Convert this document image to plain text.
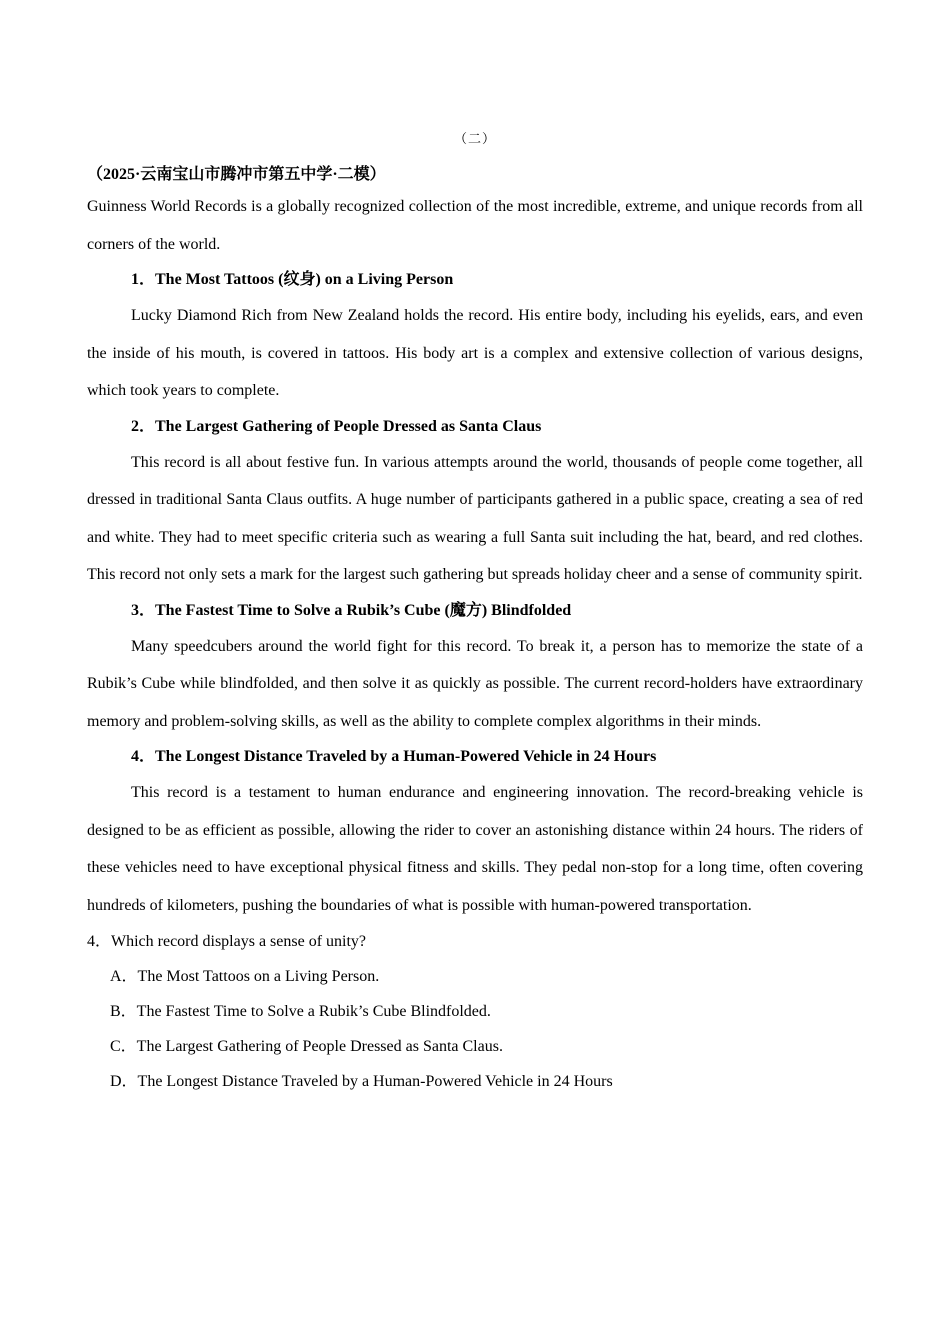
（二）
（2025·云南宝山市腾冲市第五中学·二模）

Guinness World Records is a globally recognized collection of the most incredible, extreme, and unique records from all corners of the world.

1．The Most Tattoos (纹身) on a Living Person

Lucky Diamond Rich from New Zealand holds the record. His entire body, including his eyelids, ears, and even the inside of his mouth, is covered in tattoos. His body art is a complex and extensive collection of various designs, which took years to complete.

2．The Largest Gathering of People Dressed as Santa Claus

This record is all about festive fun. In various attempts around the world, thousands of people come together, all dressed in traditional Santa Claus outfits. A huge number of participants gathered in a public space, creating a sea of red and white. They had to meet specific criteria such as wearing a full Santa suit including the hat, beard, and red clothes. This record not only sets a mark for the largest such gathering but spreads holiday cheer and a sense of community spirit.

3．The Fastest Time to Solve a Rubik’s Cube (魔方) Blindfolded

Many speedcubers around the world fight for this record. To break it, a person has to memorize the state of a Rubik’s Cube while blindfolded, and then solve it as quickly as possible. The current record-holders have extraordinary memory and problem-solving skills, as well as the ability to complete complex algorithms in their minds.

4．The Longest Distance Traveled by a Human-Powered Vehicle in 24 Hours

This record is a testament to human endurance and engineering innovation. The record-breaking vehicle is designed to be as efficient as possible, allowing the rider to cover an astonishing distance within 24 hours. The riders of these vehicles need to have exceptional physical fitness and skills. They pedal non-stop for a long time, often covering hundreds of kilometers, pushing the boundaries of what is possible with human-powered transportation.

4．Which record displays a sense of unity?

A．The Most Tattoos on a Living Person.

B．The Fastest Time to Solve a Rubik’s Cube Blindfolded.

C．The Largest Gathering of People Dressed as Santa Claus.

D．The Longest Distance Traveled by a Human-Powered Vehicle in 24 Hours
